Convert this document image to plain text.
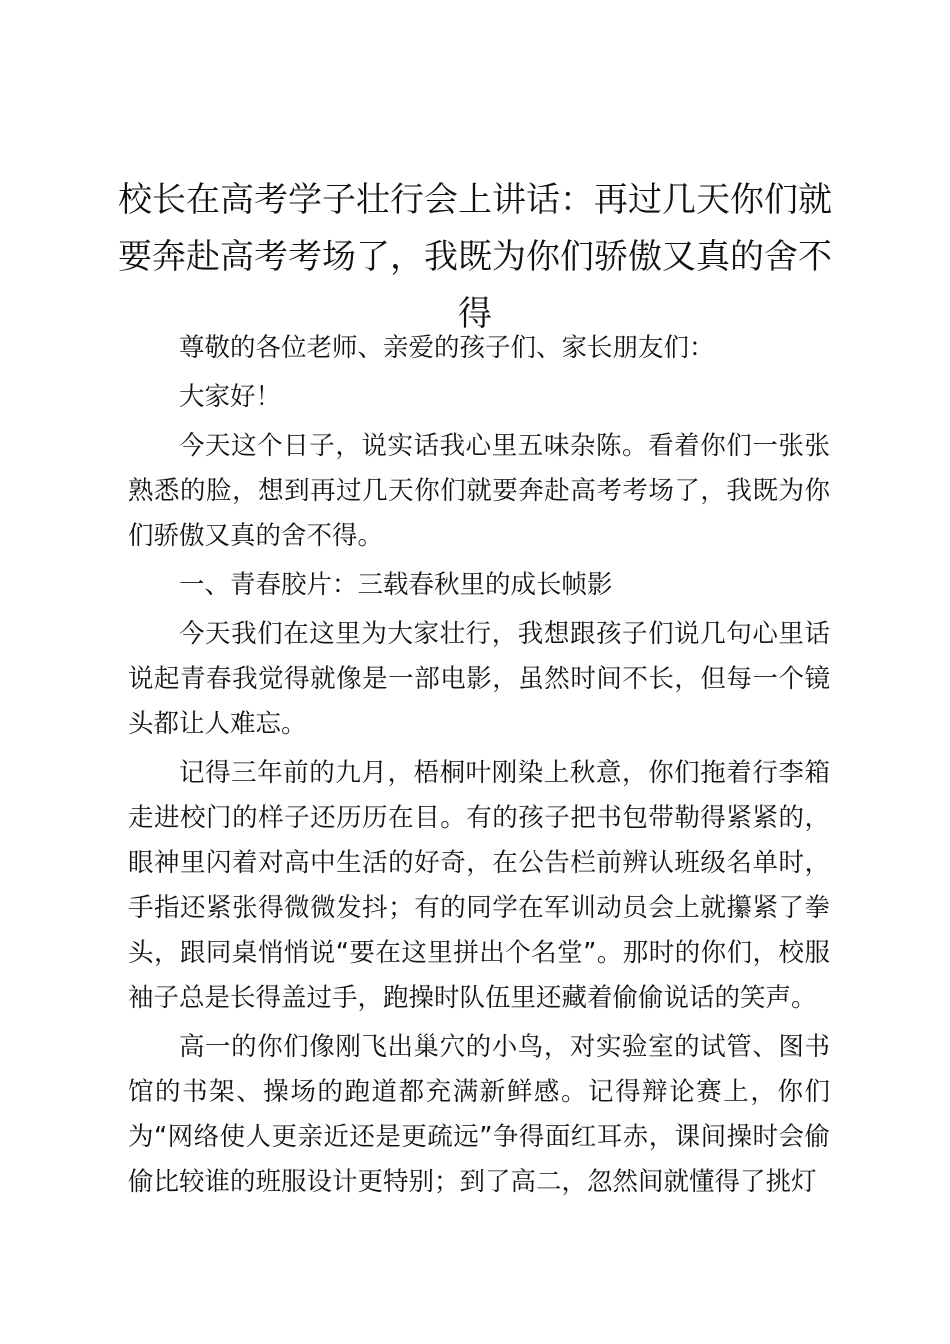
校长在高考学子壮行会上讲话：再过几天你们就要奔赴高考考场了，我既为你们骄傲又真的舍不得

尊敬的各位老师、亲爱的孩子们、家长朋友们：

大家好！

今天这个日子，说实话我心里五味杂陈。看着你们一张张熟悉的脸，想到再过几天你们就要奔赴高考考场了，我既为你们骄傲又真的舍不得。

一、青春胶片：三载春秋里的成长帧影

今天我们在这里为大家壮行，我想跟孩子们说几句心里话说起青春我觉得就像是一部电影，虽然时间不长，但每一个镜头都让人难忘。

记得三年前的九月，梧桐叶刚染上秋意，你们拖着行李箱走进校门的样子还历历在目。有的孩子把书包带勒得紧紧的，眼神里闪着对高中生活的好奇，在公告栏前辨认班级名单时，手指还紧张得微微发抖；有的同学在军训动员会上就攥紧了拳头，跟同桌悄悄说“要在这里拼出个名堂”。那时的你们，校服袖子总是长得盖过手，跑操时队伍里还藏着偷偷说话的笑声。

高一的你们像刚飞出巢穴的小鸟，对实验室的试管、图书馆的书架、操场的跑道都充满新鲜感。记得辩论赛上，你们为“网络使人更亲近还是更疏远”争得面红耳赤，课间操时会偷偷比较谁的班服设计更特别；到了高二，忽然间就懂得了挑灯
